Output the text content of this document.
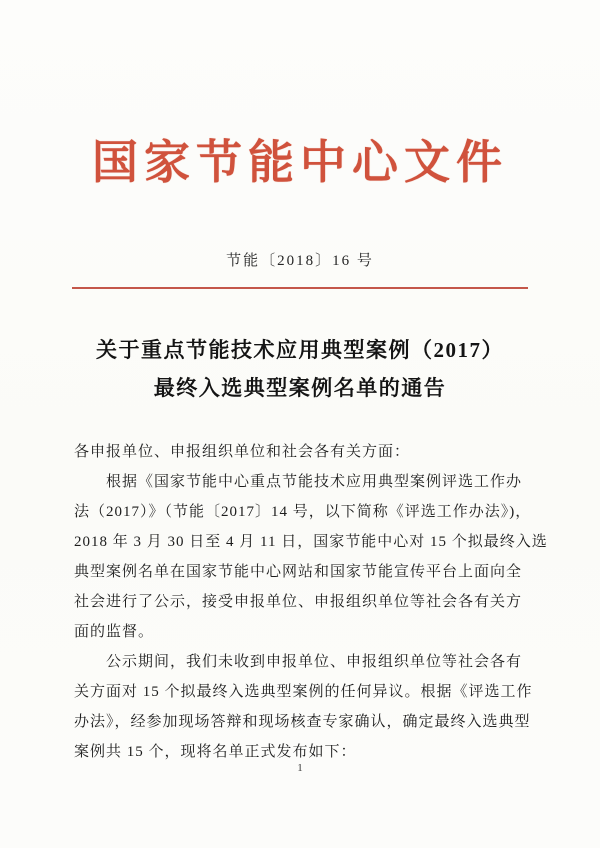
国家节能中心文件
节能〔2018〕16 号
关于重点节能技术应用典型案例（2017）
最终入选典型案例名单的通告
各申报单位、申报组织单位和社会各有关方面：
根据《国家节能中心重点节能技术应用典型案例评选工作办
法（2017）》（节能〔2017〕14 号，以下简称《评选工作办法》)，
2018 年 3 月 30 日至 4 月 11 日，国家节能中心对 15 个拟最终入选
典型案例名单在国家节能中心网站和国家节能宣传平台上面向全
社会进行了公示，接受申报单位、申报组织单位等社会各有关方
面的监督。
公示期间，我们未收到申报单位、申报组织单位等社会各有
关方面对 15 个拟最终入选典型案例的任何异议。根据《评选工作
办法》，经参加现场答辩和现场核查专家确认，确定最终入选典型
案例共 15 个，现将名单正式发布如下：
1
